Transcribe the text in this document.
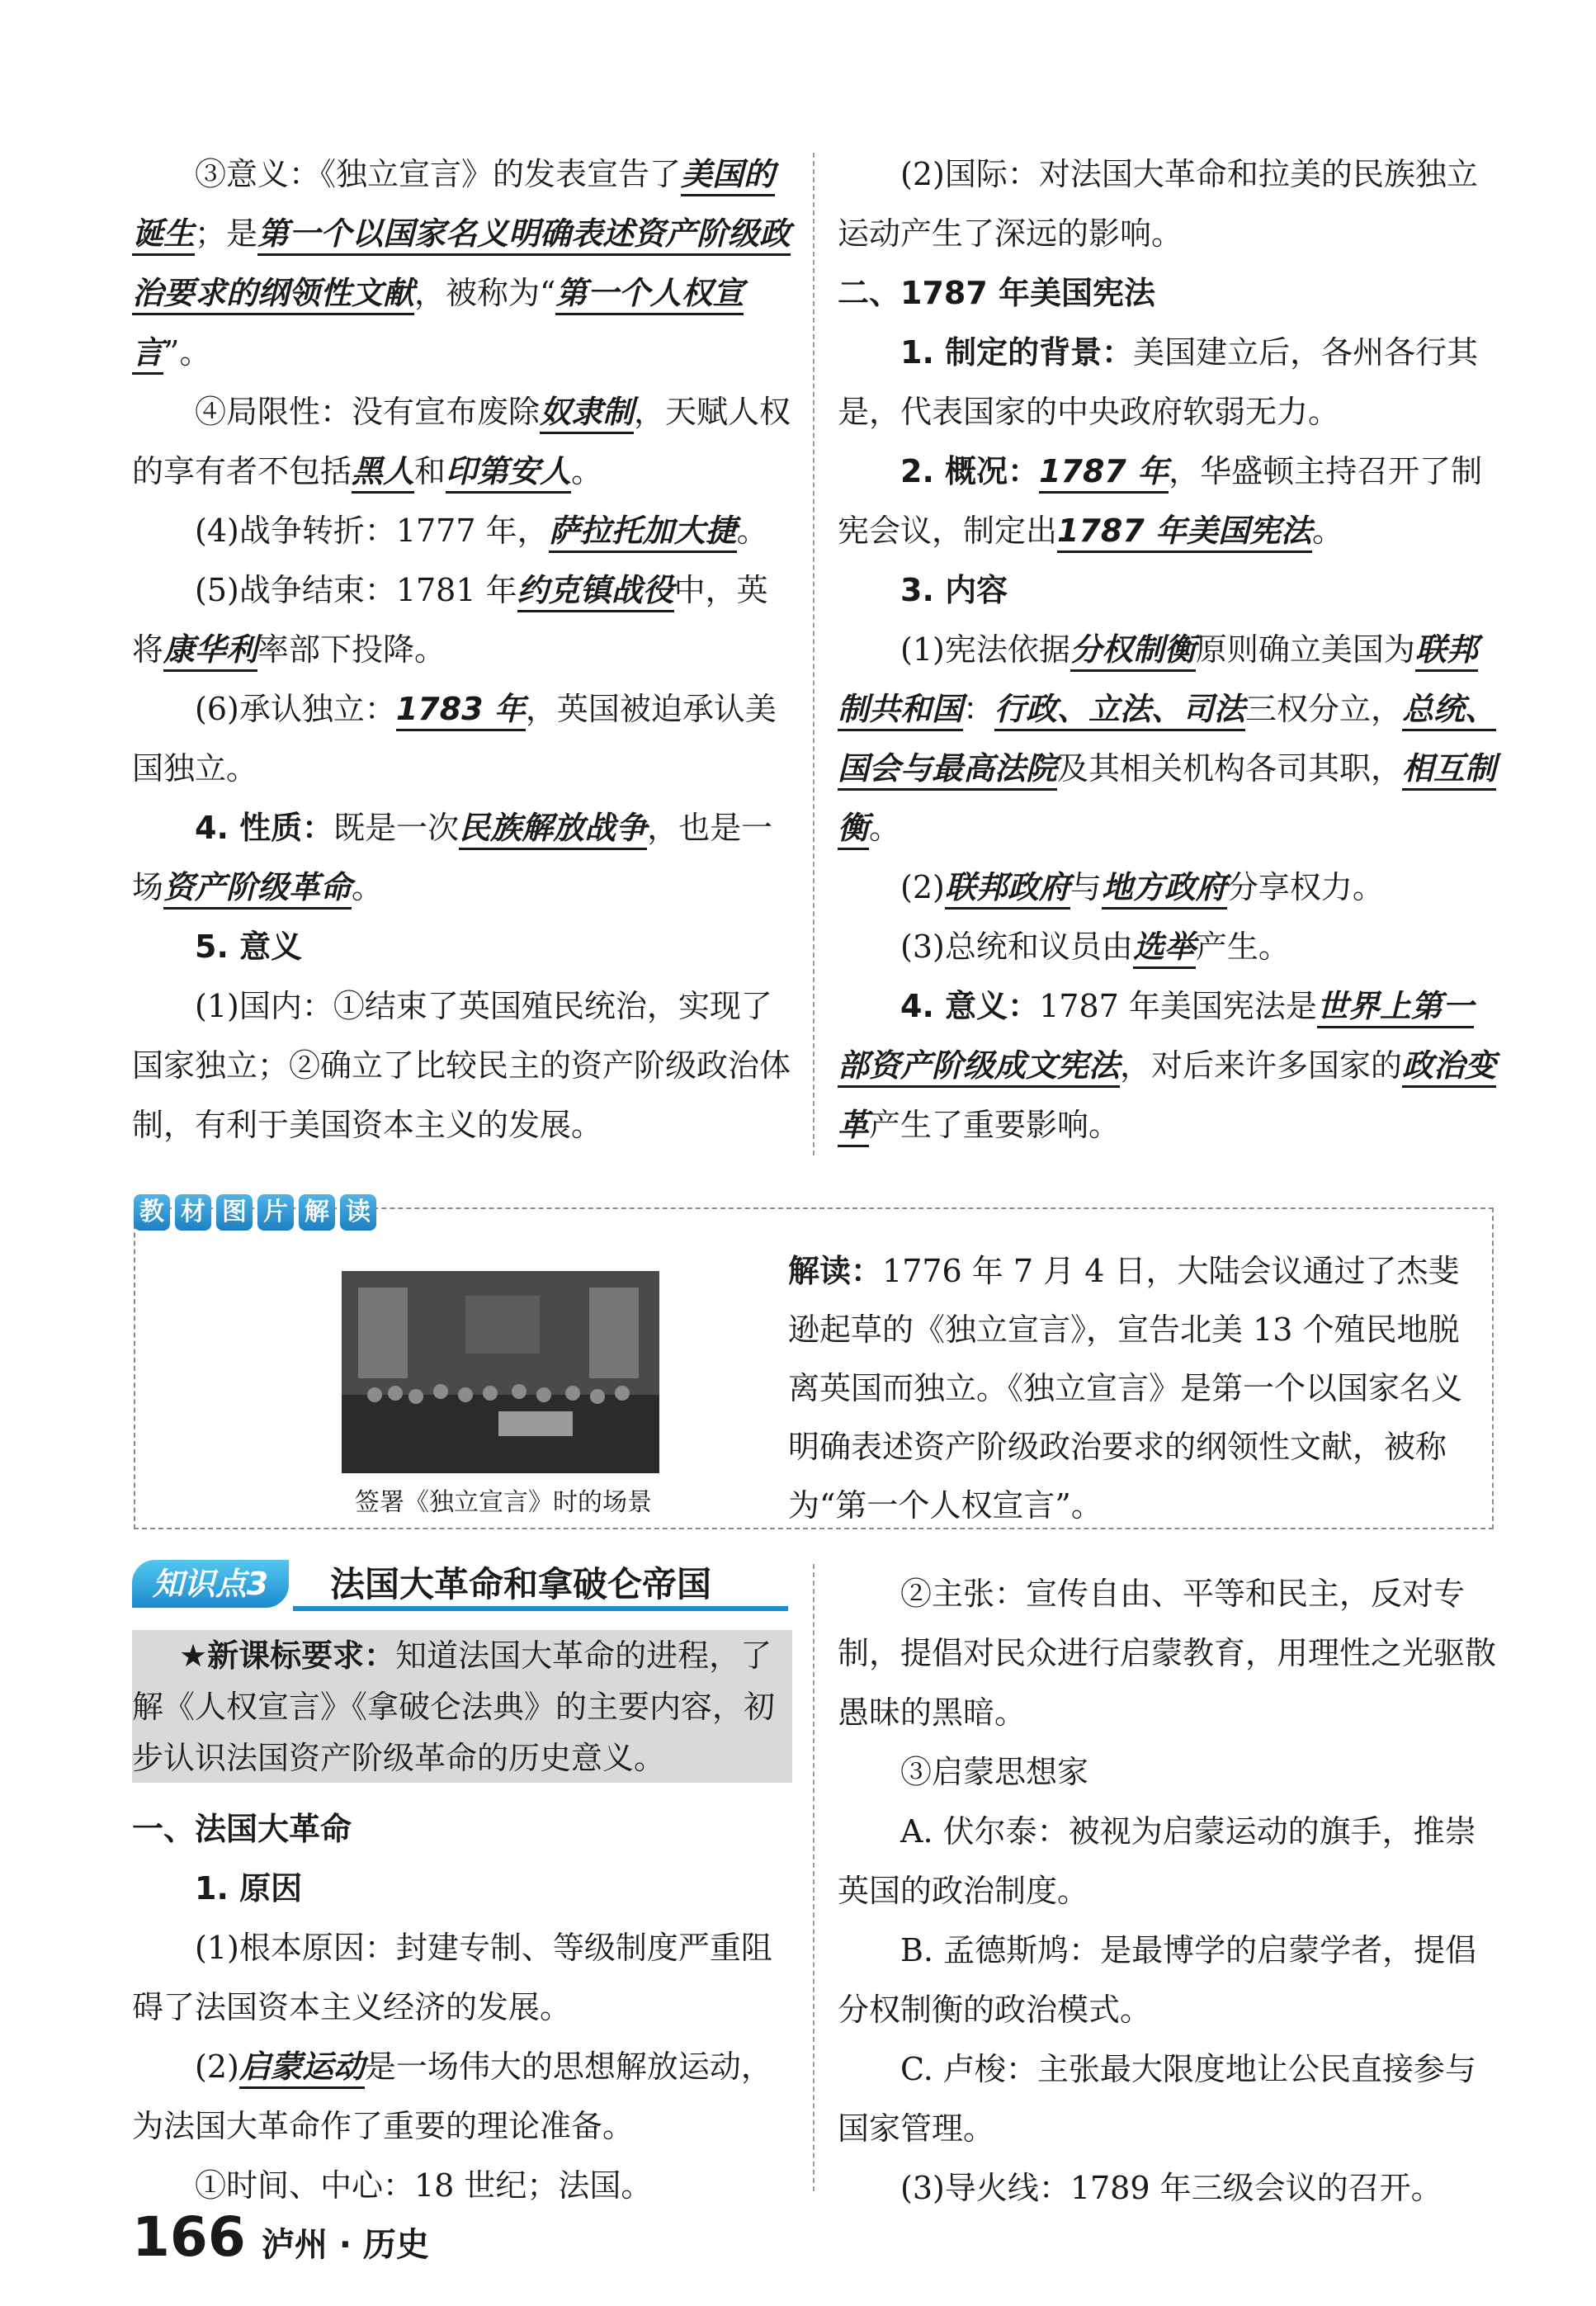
③意义：《独立宣言》的发表宣告了美国的诞生；是第一个以国家名义明确表述资产阶级政治要求的纲领性文献，被称为“第一个人权宣言”。

④局限性：没有宣布废除奴隶制，天赋人权的享有者不包括黑人和印第安人。

(4)战争转折：1777 年，萨拉托加大捷。

(5)战争结束：1781 年约克镇战役中，英将康华利率部下投降。

(6)承认独立：1783 年，英国被迫承认美国独立。

4. 性质：既是一次民族解放战争，也是一场资产阶级革命。

5. 意义

(1)国内：①结束了英国殖民统治，实现了国家独立；②确立了比较民主的资产阶级政治体制，有利于美国资本主义的发展。

(2)国际：对法国大革命和拉美的民族独立运动产生了深远的影响。

二、1787 年美国宪法

1. 制定的背景：美国建立后，各州各行其是，代表国家的中央政府软弱无力。

2. 概况：1787 年，华盛顿主持召开了制宪会议，制定出1787 年美国宪法。

3. 内容

(1)宪法依据分权制衡原则确立美国为联邦制共和国：行政、立法、司法三权分立，总统、国会与最高法院及其相关机构各司其职，相互制衡。

(2)联邦政府与地方政府分享权力。

(3)总统和议员由选举产生。

4. 意义：1787 年美国宪法是世界上第一部资产阶级成文宪法，对后来许多国家的政治变革产生了重要影响。

教 材 图 片 解 读
签署《独立宣言》时的场景

解读：1776 年 7 月 4 日，大陆会议通过了杰斐逊起草的《独立宣言》，宣告北美 13 个殖民地脱离英国而独立。《独立宣言》是第一个以国家名义明确表述资产阶级政治要求的纲领性文献，被称为“第一个人权宣言”。

知识点3	法国大革命和拿破仑帝国

★新课标要求：知道法国大革命的进程，了解《人权宣言》《拿破仑法典》的主要内容，初步认识法国资产阶级革命的历史意义。

一、法国大革命

1. 原因

(1)根本原因：封建专制、等级制度严重阻碍了法国资本主义经济的发展。

(2)启蒙运动是一场伟大的思想解放运动，为法国大革命作了重要的理论准备。

①时间、中心：18 世纪；法国。

②主张：宣传自由、平等和民主，反对专制，提倡对民众进行启蒙教育，用理性之光驱散愚昧的黑暗。

③启蒙思想家

A. 伏尔泰：被视为启蒙运动的旗手，推崇英国的政治制度。

B. 孟德斯鸠：是最博学的启蒙学者，提倡分权制衡的政治模式。

C. 卢梭：主张最大限度地让公民直接参与国家管理。

(3)导火线：1789 年三级会议的召开。

166 泸州 · 历史
